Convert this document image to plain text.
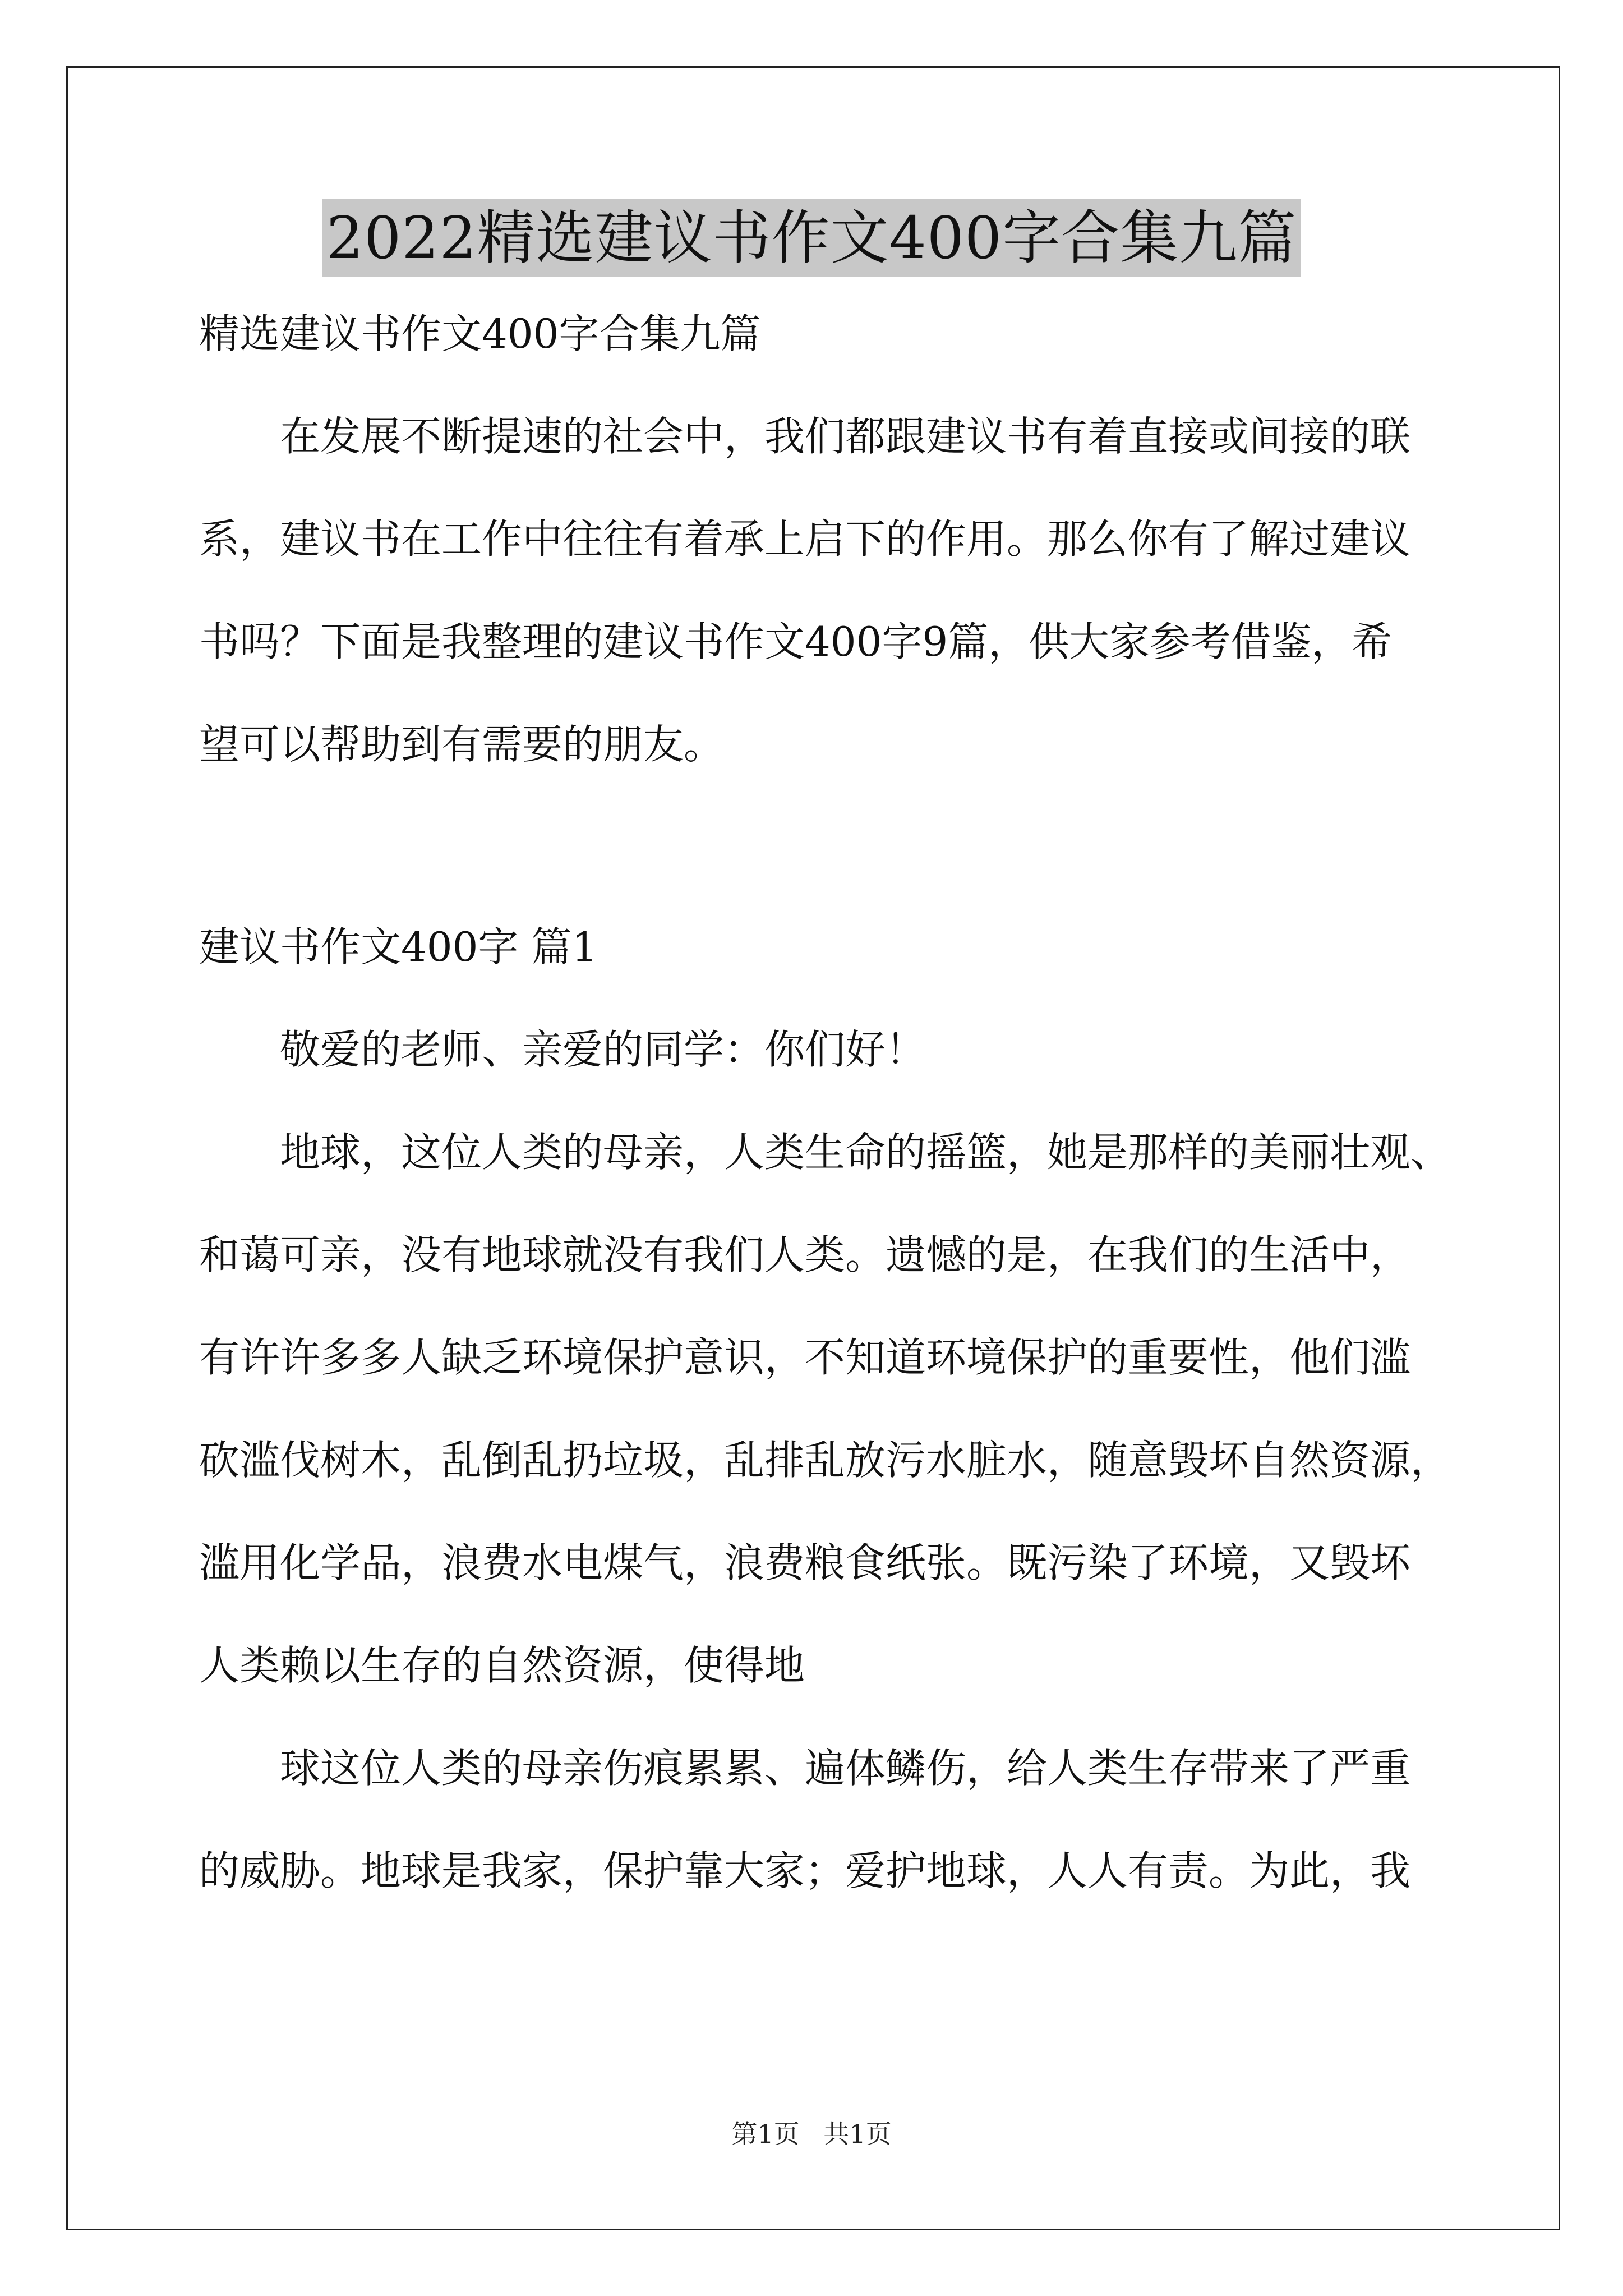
2022精选建议书作文400字合集九篇
精选建议书作文400字合集九篇
在发展不断提速的社会中，我们都跟建议书有着直接或间接的联
系，建议书在工作中往往有着承上启下的作用。那么你有了解过建议
书吗？下面是我整理的建议书作文400字9篇，供大家参考借鉴，希
望可以帮助到有需要的朋友。
建议书作文400字 篇1
敬爱的老师、亲爱的同学：你们好！
地球，这位人类的母亲，人类生命的摇篮，她是那样的美丽壮观、
和蔼可亲，没有地球就没有我们人类。遗憾的是，在我们的生活中，
有许许多多人缺乏环境保护意识，不知道环境保护的重要性，他们滥
砍滥伐树木，乱倒乱扔垃圾，乱排乱放污水脏水，随意毁坏自然资源，
滥用化学品，浪费水电煤气，浪费粮食纸张。既污染了环境，又毁坏
人类赖以生存的自然资源，使得地
球这位人类的母亲伤痕累累、遍体鳞伤，给人类生存带来了严重
的威胁。地球是我家，保护靠大家；爱护地球，人人有责。为此，我
第1页 共1页
